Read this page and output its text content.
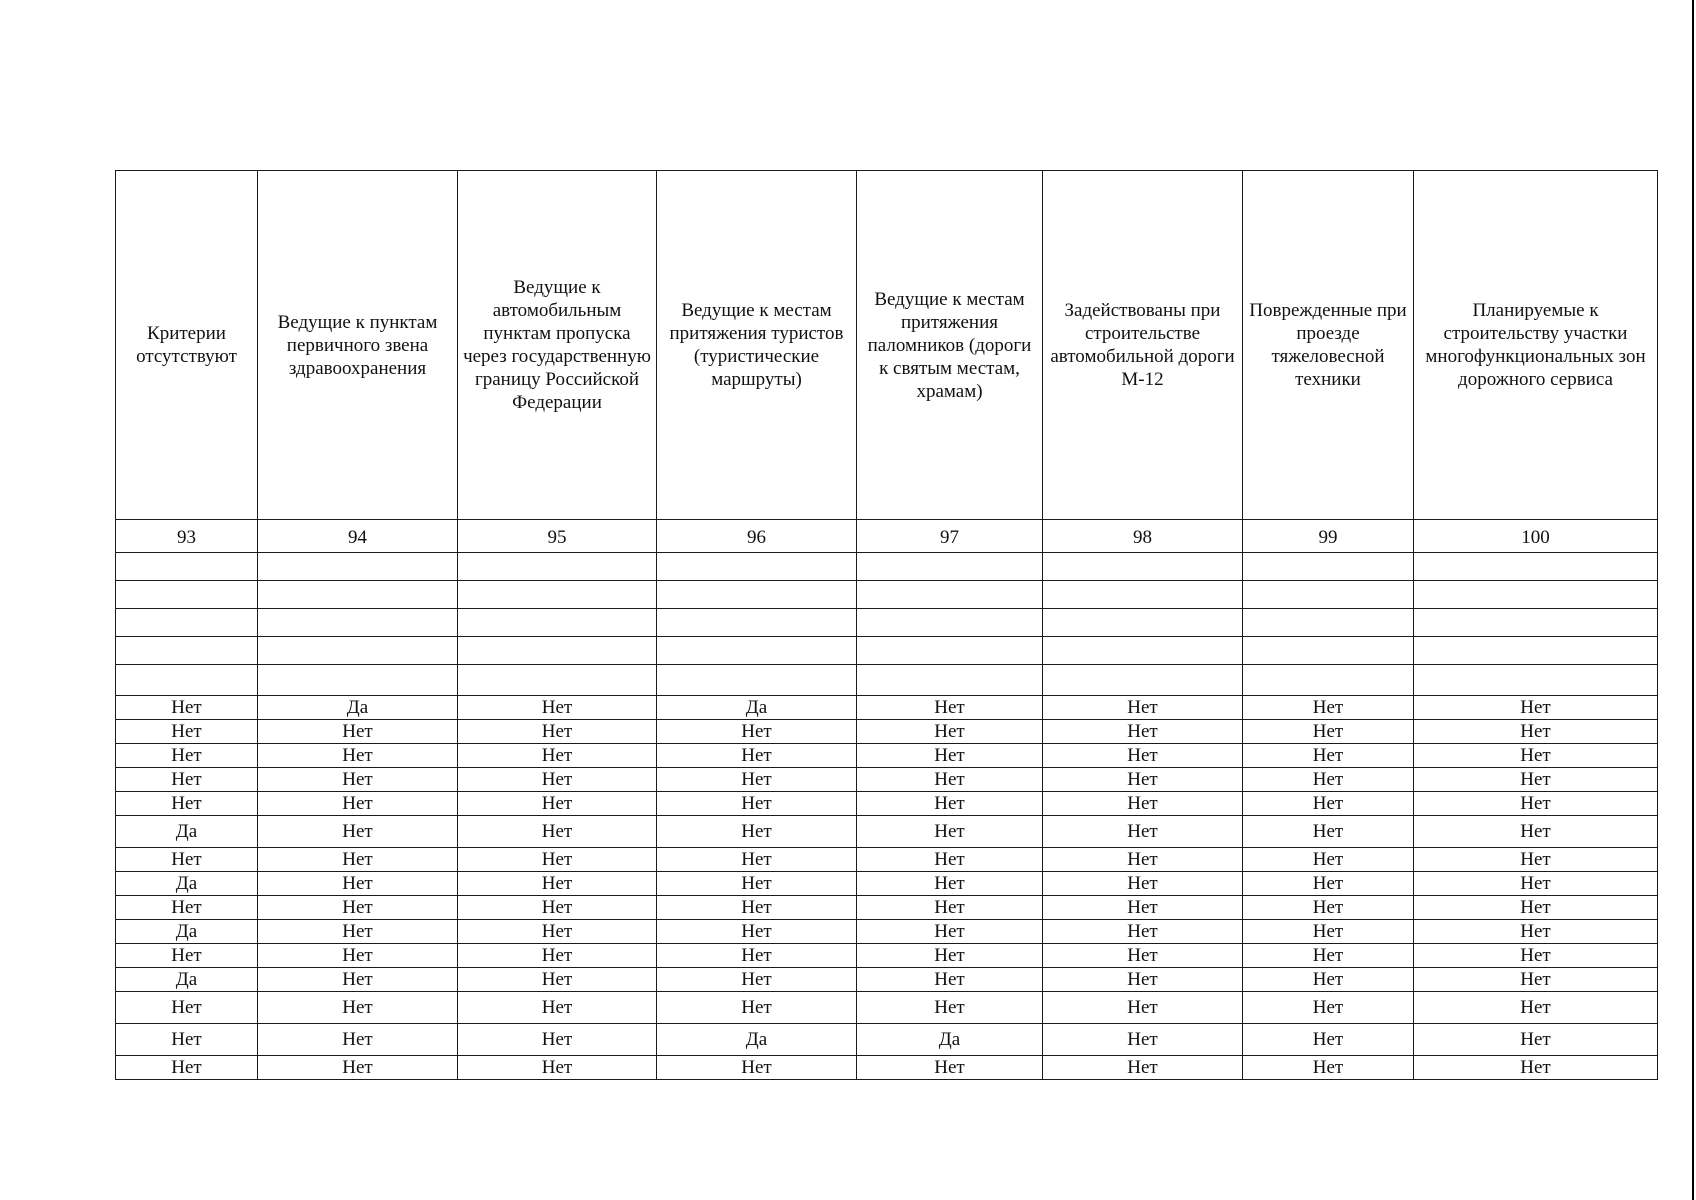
Критерии отсутствуют	Ведущие к пунктам первичного звена здравоохранения	Ведущие к автомобильным пунктам пропуска через государственную границу Российской Федерации	Ведущие к местам притяжения туристов (туристические маршруты)	Ведущие к местам притяжения паломников (дороги к святым местам, храмам)	Задействованы при строительстве автомобильной дороги М-12	Поврежденные при проезде тяжеловесной техники	Планируемые к строительству участки многофункциональных зон дорожного сервиса
93	94	95	96	97	98	99	100

Нет	Да	Нет	Да	Нет	Нет	Нет	Нет
Нет	Нет	Нет	Нет	Нет	Нет	Нет	Нет
Нет	Нет	Нет	Нет	Нет	Нет	Нет	Нет
Нет	Нет	Нет	Нет	Нет	Нет	Нет	Нет
Нет	Нет	Нет	Нет	Нет	Нет	Нет	Нет
Да	Нет	Нет	Нет	Нет	Нет	Нет	Нет
Нет	Нет	Нет	Нет	Нет	Нет	Нет	Нет
Да	Нет	Нет	Нет	Нет	Нет	Нет	Нет
Нет	Нет	Нет	Нет	Нет	Нет	Нет	Нет
Да	Нет	Нет	Нет	Нет	Нет	Нет	Нет
Нет	Нет	Нет	Нет	Нет	Нет	Нет	Нет
Да	Нет	Нет	Нет	Нет	Нет	Нет	Нет
Нет	Нет	Нет	Нет	Нет	Нет	Нет	Нет
Нет	Нет	Нет	Да	Да	Нет	Нет	Нет
Нет	Нет	Нет	Нет	Нет	Нет	Нет	Нет
